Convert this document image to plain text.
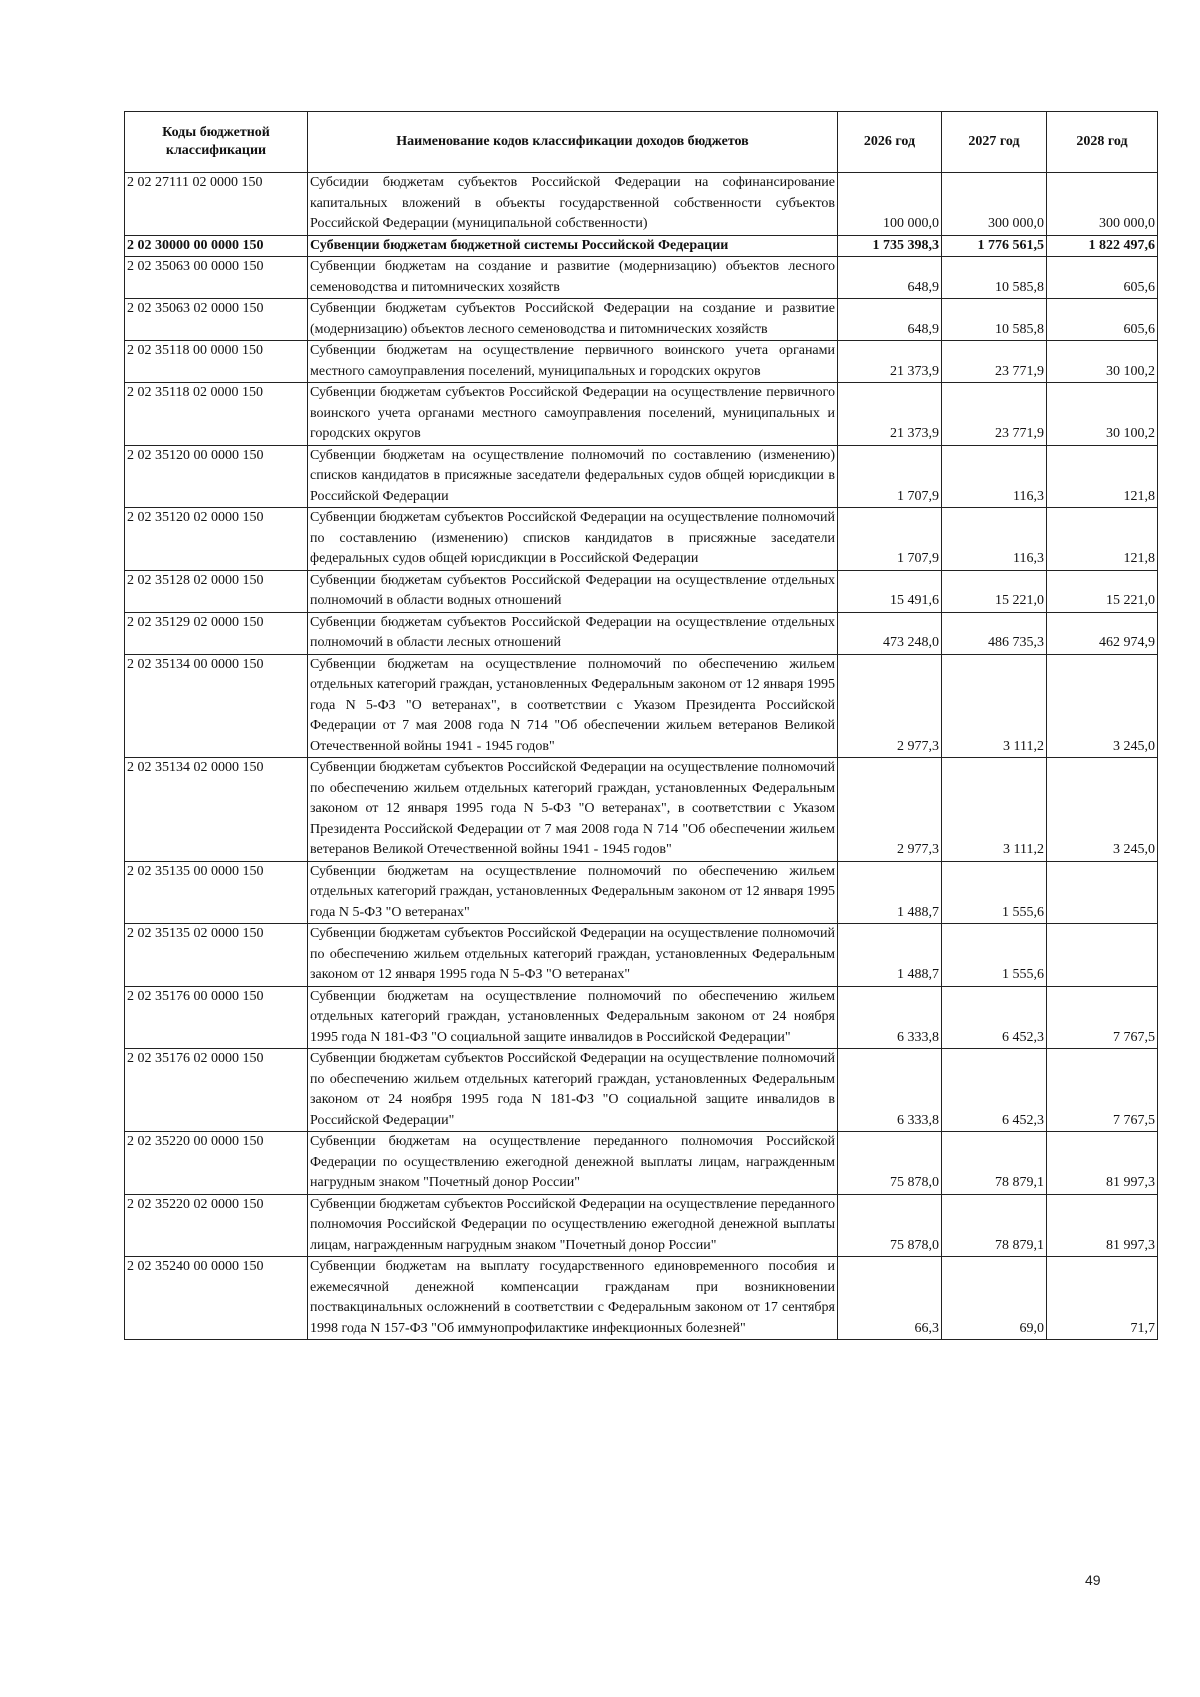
Коды бюджетной классификации	Наименование кодов классификации доходов бюджетов	2026 год	2027 год	2028 год
2 02 27111 02 0000 150	Субсидии бюджетам субъектов Российской Федерации на софинансирование капитальных вложений в объекты государственной собственности субъектов Российской Федерации (муниципальной собственности)	100 000,0	300 000,0	300 000,0
2 02 30000 00 0000 150	Субвенции бюджетам бюджетной системы Российской Федерации	1 735 398,3	1 776 561,5	1 822 497,6
2 02 35063 00 0000 150	Субвенции бюджетам на создание и развитие (модернизацию) объектов лесного семеноводства и питомнических хозяйств	648,9	10 585,8	605,6
2 02 35063 02 0000 150	Субвенции бюджетам субъектов Российской Федерации на создание и развитие (модернизацию) объектов лесного семеноводства и питомнических хозяйств	648,9	10 585,8	605,6
2 02 35118 00 0000 150	Субвенции бюджетам на осуществление первичного воинского учета органами местного самоуправления поселений, муниципальных и городских округов	21 373,9	23 771,9	30 100,2
2 02 35118 02 0000 150	Субвенции бюджетам субъектов Российской Федерации на осуществление первичного воинского учета органами местного самоуправления поселений, муниципальных и городских округов	21 373,9	23 771,9	30 100,2
2 02 35120 00 0000 150	Субвенции бюджетам на осуществление полномочий по составлению (изменению) списков кандидатов в присяжные заседатели федеральных судов общей юрисдикции в Российской Федерации	1 707,9	116,3	121,8
2 02 35120 02 0000 150	Субвенции бюджетам субъектов Российской Федерации на осуществление полномочий по составлению (изменению) списков кандидатов в присяжные заседатели федеральных судов общей юрисдикции в Российской Федерации	1 707,9	116,3	121,8
2 02 35128 02 0000 150	Субвенции бюджетам субъектов Российской Федерации на осуществление отдельных полномочий в области водных отношений	15 491,6	15 221,0	15 221,0
2 02 35129 02 0000 150	Субвенции бюджетам субъектов Российской Федерации на осуществление отдельных полномочий в области лесных отношений	473 248,0	486 735,3	462 974,9
2 02 35134 00 0000 150	Субвенции бюджетам на осуществление полномочий по обеспечению жильем отдельных категорий граждан, установленных Федеральным законом от 12 января 1995 года N 5-ФЗ "О ветеранах", в соответствии с Указом Президента Российской Федерации от 7 мая 2008 года N 714 "Об обеспечении жильем ветеранов Великой Отечественной войны 1941 - 1945 годов"	2 977,3	3 111,2	3 245,0
2 02 35134 02 0000 150	Субвенции бюджетам субъектов Российской Федерации на осуществление полномочий по обеспечению жильем отдельных категорий граждан, установленных Федеральным законом от 12 января 1995 года N 5-ФЗ "О ветеранах", в соответствии с Указом Президента Российской Федерации от 7 мая 2008 года N 714 "Об обеспечении жильем ветеранов Великой Отечественной войны 1941 - 1945 годов"	2 977,3	3 111,2	3 245,0
2 02 35135 00 0000 150	Субвенции бюджетам на осуществление полномочий по обеспечению жильем отдельных категорий граждан, установленных Федеральным законом от 12 января 1995 года N 5-ФЗ "О ветеранах"	1 488,7	1 555,6	
2 02 35135 02 0000 150	Субвенции бюджетам субъектов Российской Федерации на осуществление полномочий по обеспечению жильем отдельных категорий граждан, установленных Федеральным законом от 12 января 1995 года N 5-ФЗ "О ветеранах"	1 488,7	1 555,6	
2 02 35176 00 0000 150	Субвенции бюджетам на осуществление полномочий по обеспечению жильем отдельных категорий граждан, установленных Федеральным законом от 24 ноября 1995 года N 181-ФЗ "О социальной защите инвалидов в Российской Федерации"	6 333,8	6 452,3	7 767,5
2 02 35176 02 0000 150	Субвенции бюджетам субъектов Российской Федерации на осуществление полномочий по обеспечению жильем отдельных категорий граждан, установленных Федеральным законом от 24 ноября 1995 года N 181-ФЗ "О социальной защите инвалидов в Российской Федерации"	6 333,8	6 452,3	7 767,5
2 02 35220 00 0000 150	Субвенции бюджетам на осуществление переданного полномочия Российской Федерации по осуществлению ежегодной денежной выплаты лицам, награжденным нагрудным знаком "Почетный донор России"	75 878,0	78 879,1	81 997,3
2 02 35220 02 0000 150	Субвенции бюджетам субъектов Российской Федерации на осуществление переданного полномочия Российской Федерации по осуществлению ежегодной денежной выплаты лицам, награжденным нагрудным знаком "Почетный донор России"	75 878,0	78 879,1	81 997,3
2 02 35240 00 0000 150	Субвенции бюджетам на выплату государственного единовременного пособия и ежемесячной денежной компенсации гражданам при возникновении поствакцинальных осложнений в соответствии с Федеральным законом от 17 сентября 1998 года N 157-ФЗ "Об иммунопрофилактике инфекционных болезней"	66,3	69,0	71,7
49
